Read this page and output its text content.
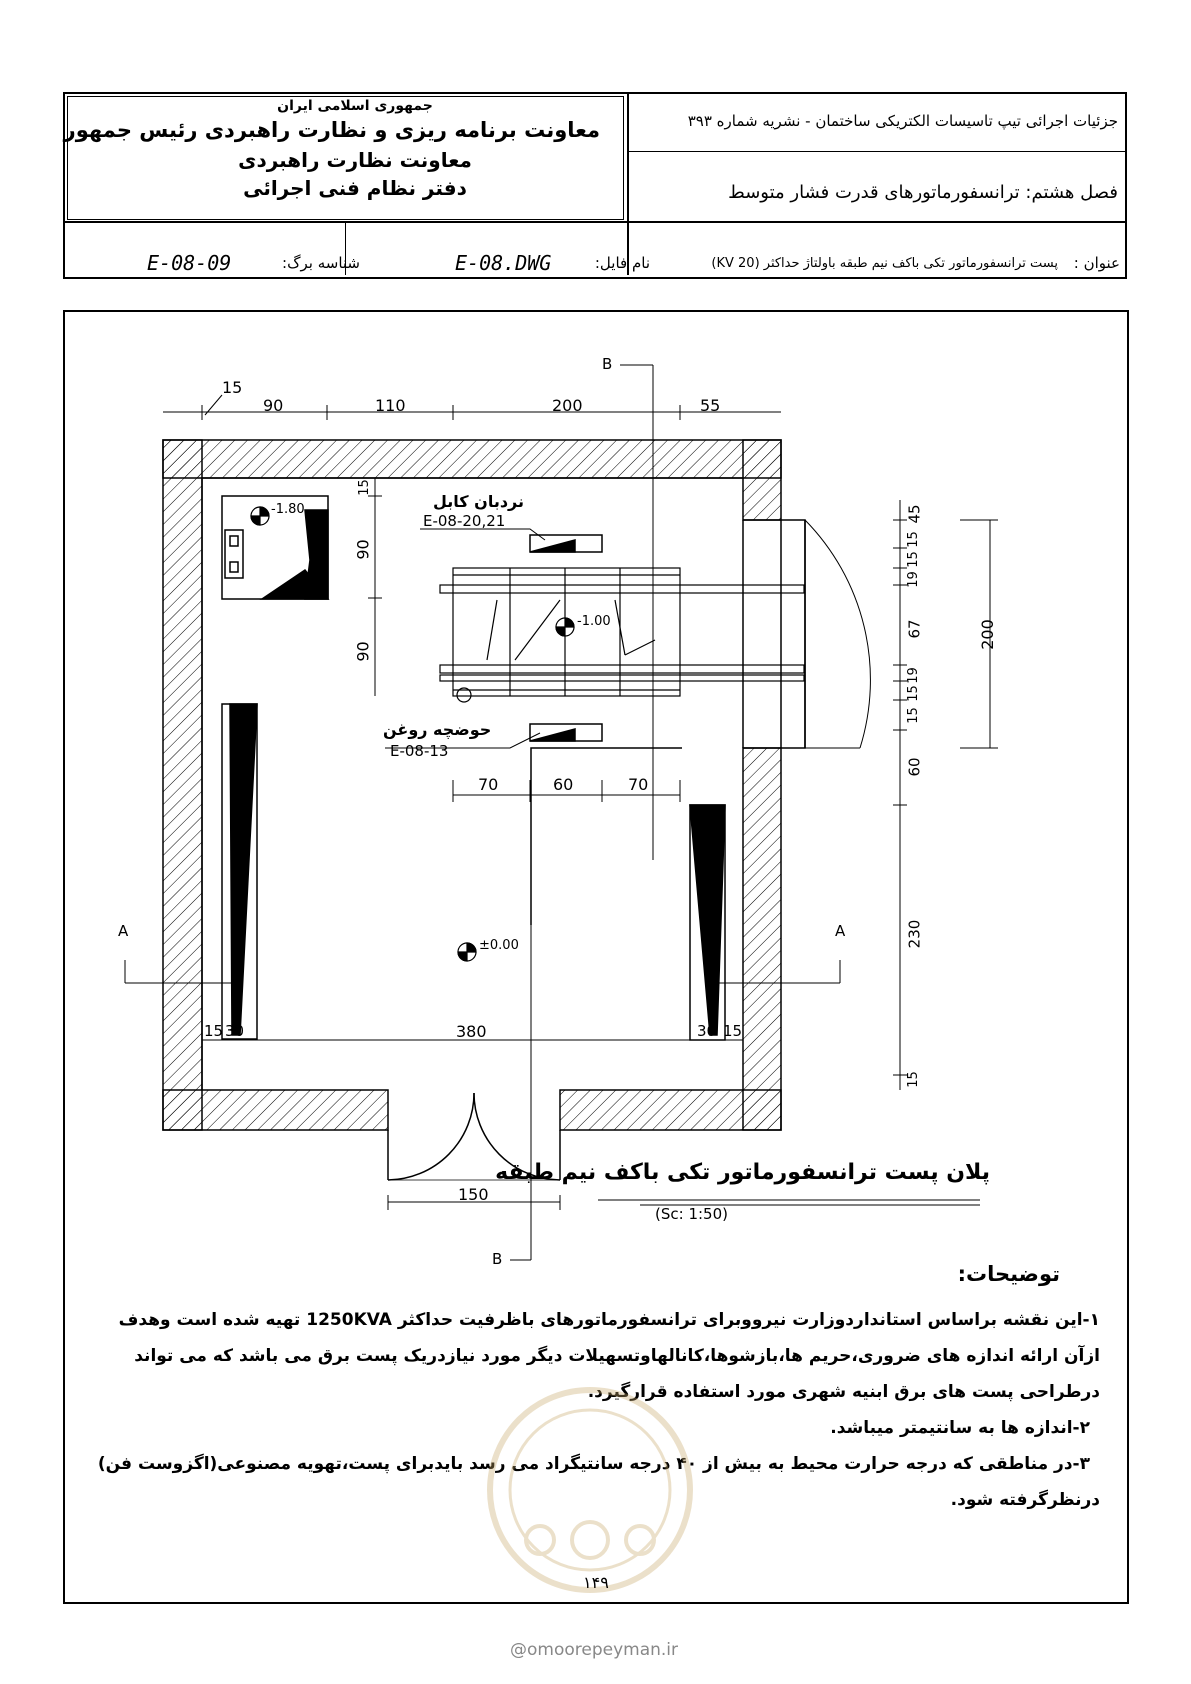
جمهوری اسلامی ایران
معاونت برنامه ریزی و نظارت راهبردی رئیس جمهور
معاونت نظارت راهبردی
دفتر نظام فنی اجرائی
جزئیات اجرائی تیپ تاسیسات الکتریکی ساختمان - نشریه شماره ۳۹۳
فصل هشتم: ترانسفورماتورهای قدرت فشار متوسط
عنوان :
پست ترانسفورماتور تکی باکف نیم طبقه باولتاژ حداکثر (20 KV)
نام فایل:
E-08.DWG
شناسه برگ:
E-08-09
15
90	110	200	55
45
15
15
19
67
19
15
15
60
230
15
200
15
90
90
70	60	70
15 30	380	30 15
150
-1.80
-1.00
±0.00
نردبان کابل
E-08-20,21
حوضچه روغن
E-08-13
A	A
B
B
پلان پست ترانسفورماتور تکی باکف نیم طبقه
(Sc: 1:50)
توضیحات:
۱-این نقشه براساس استانداردوزارت نیرووبرای ترانسفورماتورهای باظرفیت حداکثر 1250KVA تهیه شده است وهدف
ازآن ارائه اندازه های ضروری،حریم ها،بازشوها،کانالهاوتسهیلات دیگر مورد نیازدریک پست برق می باشد که می تواند
درطراحی پست های برق ابنیه شهری مورد استفاده قرارگیرد.
۲-اندازه ها به سانتیمتر میباشد.
۳-در مناطقی که درجه حرارت محیط به بیش از ۴۰ درجه سانتیگراد می رسد بایدبرای پست،تهویه مصنوعی(اگزوست فن)
درنظرگرفته شود.
۱۴۹
@omoorepeyman.ir
